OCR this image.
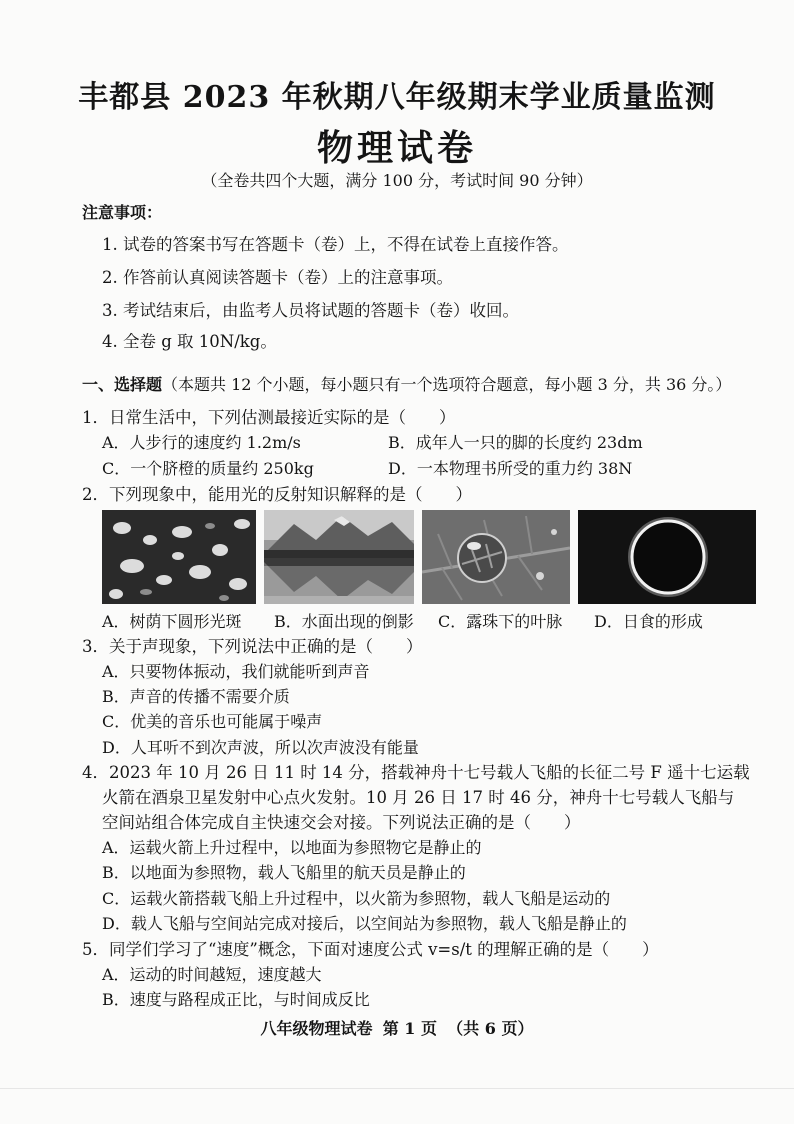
丰都县 2023 年秋期八年级期末学业质量监测
物理试卷
（全卷共四个大题，满分 100 分，考试时间 90 分钟）
注意事项：
1. 试卷的答案书写在答题卡（卷）上，不得在试卷上直接作答。
2. 作答前认真阅读答题卡（卷）上的注意事项。
3. 考试结束后，由监考人员将试题的答题卡（卷）收回。
4. 全卷 g 取 10N/kg。
一、选择题（本题共 12 个小题，每小题只有一个选项符合题意，每小题 3 分，共 36 分。）
1．日常生活中，下列估测最接近实际的是（　　）
A．人步行的速度约 1.2m/s	B．成年人一只的脚的长度约 23dm
C．一个脐橙的质量约 250kg	D．一本物理书所受的重力约 38N
2．下列现象中，能用光的反射知识解释的是（　　）
A．树荫下圆形光斑 B．水面出现的倒影 C．露珠下的叶脉 D．日食的形成
3．关于声现象，下列说法中正确的是（　　）
A．只要物体振动，我们就能听到声音
B．声音的传播不需要介质
C．优美的音乐也可能属于噪声
D．人耳听不到次声波，所以次声波没有能量
4．2023 年 10 月 26 日 11 时 14 分，搭载神舟十七号载人飞船的长征二号 F 遥十七运载
火箭在酒泉卫星发射中心点火发射。10 月 26 日 17 时 46 分，神舟十七号载人飞船与
空间站组合体完成自主快速交会对接。下列说法正确的是（　　）
A．运载火箭上升过程中，以地面为参照物它是静止的
B．以地面为参照物，载人飞船里的航天员是静止的
C．运载火箭搭载飞船上升过程中，以火箭为参照物，载人飞船是运动的
D．载人飞船与空间站完成对接后，以空间站为参照物，载人飞船是静止的
5．同学们学习了“速度”概念，下面对速度公式 v=s/t 的理解正确的是（　　）
A．运动的时间越短，速度越大
B．速度与路程成正比，与时间成反比
八年级物理试卷 第 1 页 （共 6 页）
